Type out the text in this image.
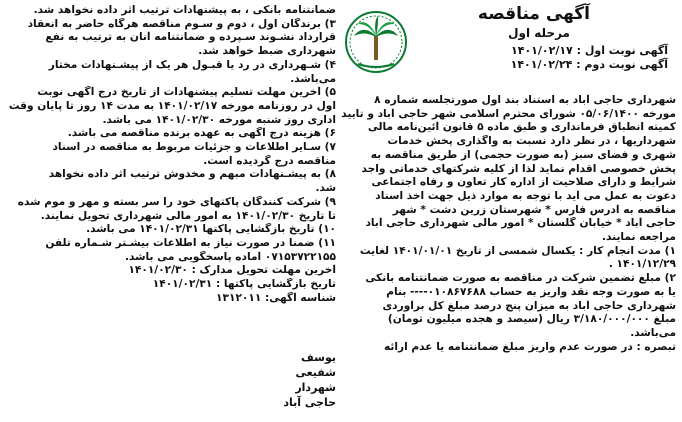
آگهی مناقصه
مرحله اول
آگهی نوبت اول : ۱۴۰۱/۰۲/۱۷
آگهی نوبت دوم : ۱۴۰۱/۰۲/۲۴
شهرداری حاجی آباد به استناد بند اول صورتجلسه شماره ۸
مورخه ۰۵/۰۶/۱۴۰۰ شورای محترم اسلامی شهر حاجی آباد و تایید
کمیته انطباق فرمانداری و طبق ماده ۵ قانون آئین‌نامه مالی
شهرداریها ، در نظر دارد نسبت به واگذاری پخش خدمات
شهری و فضای سبز (به صورت حجمی) از طریق مناقصه به
پخش خصوصی اقدام نماید لذا از کلیه شرکتهای خدماتی واجد
شرایط و دارای صلاحیت از اداره کار تعاون و رفاه اجتماعی
دعوت به عمل می آید با توجه به موارد ذیل جهت اخذ اسناد
مناقصه به آدرس فارس * شهرستان زرین دشت * شهر
حاجی آباد * خیابان گلستان * امور مالی شهرداری حاجی آباد
مراجعه نمایند.
۱) مدت انجام کار : یکسال شمسی از تاریخ ۱۴۰۱/۰۱/۰۱ لغایت
۱۴۰۱/۱۲/۲۹ .
۲) مبلغ تضمین شرکت در مناقصه به صورت ضمانتنامه بانکی
یا به صورت وجه نقد واریز به حساب ۰۱۰۸۶۷۶۸۸---- بنام
شهرداری حاجی آباد به میزان پنج درصد مبلغ کل برآوردی
مبلغ ۳/۱۸۰/۰۰۰/۰۰۰ ریال (سیصد و هجده میلیون تومان)
می‌باشد.
تبصره : در صورت عدم واریز مبلغ ضمانتنامه یا عدم ارائه
ضمانتنامه بانکی ، به پیشنهادات ترتیب اثر داده نخواهد شد.
۳) برندگان اول ، دوم و سـوم مناقصه هرگاه حاضر به انعقاد
قرارداد نشـوند سـپرده و ضمانتنامه آنان به ترتیب به نفع
شهرداری ضبط خواهد شد.
۴) شـهرداری در رد یا قبـول هر یک از پیشـنهادات مختار
می‌باشد.
۵) آخرین مهلت تسلیم پیشنهادات از تاریخ درج آگهی نوبت
اول در روزنامه مورخه ۱۴۰۱/۰۲/۱۷ به مدت ۱۴ روز تا پایان وقت
اداری روز شنبه مورخه ۱۴۰۱/۰۲/۳۰ می باشد.
۶) هزینه درج آگهی به عهده برنده مناقصه می باشد.
۷) سـایر اطلاعات و جزئیات مربوط به مناقصه در اسناد
مناقصه درج گردیده است.
۸) به پیشـنهادات مبهم و مخدوش ترتیب اثر داده نخواهد
شد.
۹) شرکت کنندگان پاکتهای خود را سر بسته و مهر و موم شده
تا تاریخ ۱۴۰۱/۰۲/۳۰ به امور مالی شهرداری تحویل نمایند.
۱۰) تاریخ بازگشایی پاکتها ۱۴۰۱/۰۲/۳۱ می باشد.
۱۱) ضمنا در صورت نیاز به اطلاعات بیشـتر شـماره تلفن
۰۷۱۵۳۷۲۲۱۵۵ آماده پاسخگویی می باشد.
آخرین مهلت تحویل مدارک : ۱۴۰۱/۰۲/۳۰
تاریخ بازگشایی پاکتها : ۱۴۰۱/۰۲/۳۱
شناسه آگهی: ۱۳۱۲۰۱۱
یوسف شفیعی
شهردار حاجی آباد
